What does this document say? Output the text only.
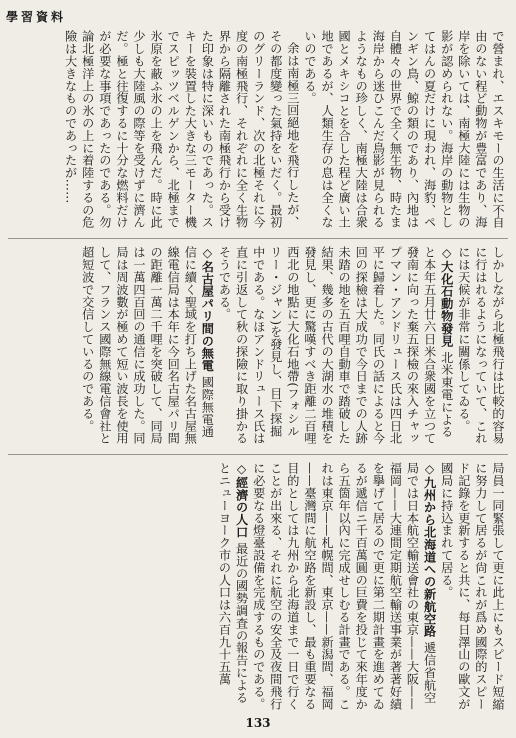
學習資料

で營まれ、エスキモーの生活に不自由のない程ど動物が豊富であり、海岸を除いては、南極大陸には生物の影が認められない。海岸の動物としてはんの夏だけに現われ、海豹、ペンギン鳥、鯨の類のであり、內地は自體々の世界で全く無生物、時たま海岸から迷ひこんだ鳥影が見られるようなもの珍しく、南極大陸は合衆國とメキシコとを合した程ど廣い土地であるが、人類生存の息は全くないのである。

余は南極三回絕地を飛行したが、その都度變った氣持をいだく。最初のグリーランド、次の北極それに今度の南極飛行、それぞれに全く生物界から隔離された南極飛行から受けた印象は特に深いものであった。スキーを裝置した大きな三モーター機でスピッツベルゲンから、北極まで氷原を蔽ふ氷の上を飛んだ。時に此少しも大陸風の際等を受けずに濟んだ。極と往復するに十分な燃料だけが必要な事項であったのである。勿論北極洋上の氷の上に着陸するの危險は大きなものであったが……

しかしながら北極飛行は比較的容易に行はれるようになっていて、これには天候が非常に關係してゐる。

◇大化石動物發見 北米東電によると本年五月廿六日米合衆國を立つて發南に向った棄五探檢の來入チャップマン・アンドリュース氏は四日北平に歸着した。同氏の話によると今回の探檢は大成功で今日までの人跡未踏の地を五百哩自動車で踏破した結果、幾多の古代の大湖水の堆積を發見し、更に驚嘆すべき距離二百哩西北の地點に大化石地帶(フォシルリー・ジャン)を發見し、目下探掘中である。なほアンドリュース氏は直に引返して秋の探險に取り掛かるそうである。

◇名古屋パリ間の無電 國際無電通信に續く聖域を打ち上げた名古屋無線電信局は本年に今回名古屋パリ間の距離一萬二千哩を突破して、同局は一萬四百回の通信に成功した。同局は周波數が極めて短い波長を使用して、フランス國際無線電信會社と超短波で交信しているのである。

局員一同緊張して更に此上にもスピード短縮に努力して居るが尙これが爲め國際的スピード記錄を更新すると共に、每日澤山の歐文が國局に持込まれて居る。

◇九州から北海道への新航空路 遞信省航空局では日本航空輸送會社の東京——大阪——福岡——大連間定期航空輸送事業が著著好績を擧げて居るので更に第二期計畫を進めてゐるが遞信ニ千百萬圓の巨費を投じて來年度から五箇年以內に完成せしむる計畫である。これは東京——札幌間、東京——新潟間、福岡——臺灣間に航空路を新設し、最も重要なる目的としては九州から北海道まで一日で行くことが出來る、それに航空の安全及夜間飛行に必要なる燈臺設備を完成するものである。

◇經濟の人口 最近の國勢調査の報告によるとニューヨーク市の人口は六百九十五萬

133
